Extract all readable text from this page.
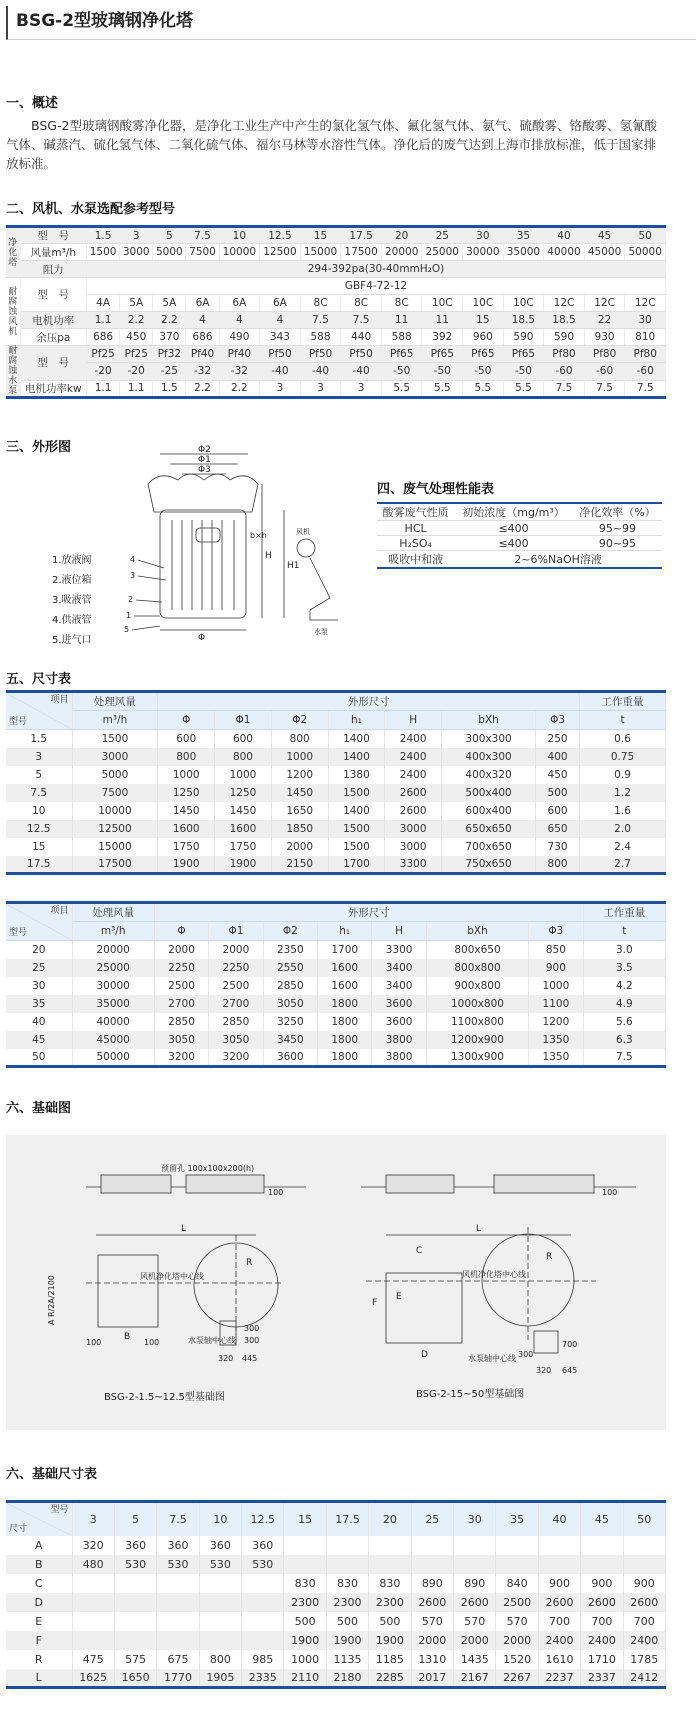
BSG-2型玻璃钢净化塔
一、概述
BSG-2型玻璃钢酸雾净化器，是净化工业生产中产生的氯化氢气体、氟化氢气体、氨气、硫酸雾、铬酸雾、氢氰酸气体、碱蒸汽、硫化氢气体、二氧化硫气体、福尔马林等水溶性气体。净化后的废气达到上海市排放标准，低于国家排放标准。
二、风机、水泵选配参考型号
净化塔	型　号	1.5	3	5	7.5	10	12.5	15	17.5	20	25	30	35	40	45	50
	风量m³/h	1500	3000	5000	7500	10000	12500	15000	17500	20000	25000	30000	35000	40000	45000	50000
	阻力	294-392pa(30-40mmH₂O)														
耐腐蚀风机	型　号	GBF4-72-12														
		4A	5A	5A	6A	6A	6A	8C	8C	8C	10C	10C	10C	12C	12C	12C
	电机功率	1.1	2.2	2.2	4	4	4	7.5	7.5	11	11	15	18.5	18.5	22	30
	余压pa	686	450	370	686	490	343	588	440	588	392	960	590	590	930	810
耐腐蚀水泵	型　号	Pf25	Pf25	Pf32	Pf40	Pf40	Pf50	Pf50	Pf50	Pf65	Pf65	Pf65	Pf65	Pf80	Pf80	Pf80
		-20	-20	-25	-32	-32	-40	-40	-40	-50	-50	-50	-50	-60	-60	-60
	电机功率kw	1.1	1.1	1.5	2.2	2.2	3	3	3	5.5	5.5	5.5	5.5	7.5	7.5	7.5
三、外形图	Φ2
Φ1
Φ3
Φ
H
H1
b×h
4
3
2
1
5
风机
水泵
1.放液阀
2.液位箱
3.吸液管
4.供液管
5.进气口
四、废气处理性能表
酸雾废气性质	初始浓度（mg/m³）	净化效率（%）
HCL	≤400	95~99
H₂SO₄	≤400	90~95
吸收中和液	2~6%NaOH溶液	
五、尺寸表
项目
型号	处理风量	外形尺寸							工作重量
	m³/h	Φ	Φ1	Φ2	h₁	H	bXh	Φ3	t
1.5	1500	600	600	800	1400	2400	300x300	250	0.6
3	3000	800	800	1000	1400	2400	400x300	400	0.75
5	5000	1000	1000	1200	1380	2400	400x320	450	0.9
7.5	7500	1250	1250	1450	1500	2600	500x400	500	1.2
10	10000	1450	1450	1650	1400	2600	600x400	600	1.6
12.5	12500	1600	1600	1850	1500	3000	650x650	650	2.0
15	15000	1750	1750	2000	1500	3000	700x650	730	2.4
17.5	17500	1900	1900	2150	1700	3300	750x650	800	2.7
项目
型号	处理风量	外形尺寸							工作重量
	m³/h	Φ	Φ1	Φ2	h₁	H	bXh	Φ3	t
20	20000	2000	2000	2350	1700	3300	800x650	850	3.0
25	25000	2250	2250	2550	1600	3400	800x800	900	3.5
30	30000	2500	2500	2850	1600	3400	900x800	1000	4.2
35	35000	2700	2700	3050	1800	3600	1000x800	1100	4.9
40	40000	2850	2850	3250	1800	3600	1100x800	1200	5.6
45	45000	3050	3050	3450	1800	3800	1200x900	1350	6.3
50	50000	3200	3200	3600	1800	3800	1300x900	1350	7.5
六、基础图
预留孔 100x100x200(h)
风机净化塔中心线
水泵轴中心线
风机净化塔中心线
水泵轴中心线
L	L
R
R
B
D
C
F
E
100	100
A R/2A/2100
100
300
300
320 445
100
300
700
320 645
BSG-2-1.5~12.5型基础图	BSG-2-15~50型基础图
六、基础尺寸表
型号
尺寸	3	5	7.5	10	12.5	15	17.5	20	25	30	35	40	45	50
A	320	360	360	360	360									
B	480	530	530	530	530									
C						830	830	830	890	890	840	900	900	900
D						2300	2300	2300	2600	2600	2500	2600	2600	2600
E						500	500	500	570	570	570	700	700	700
F						1900	1900	1900	2000	2000	2000	2400	2400	2400
R	475	575	675	800	985	1000	1135	1185	1310	1435	1520	1610	1710	1785
L	1625	1650	1770	1905	2335	2110	2180	2285	2017	2167	2267	2237	2337	2412
